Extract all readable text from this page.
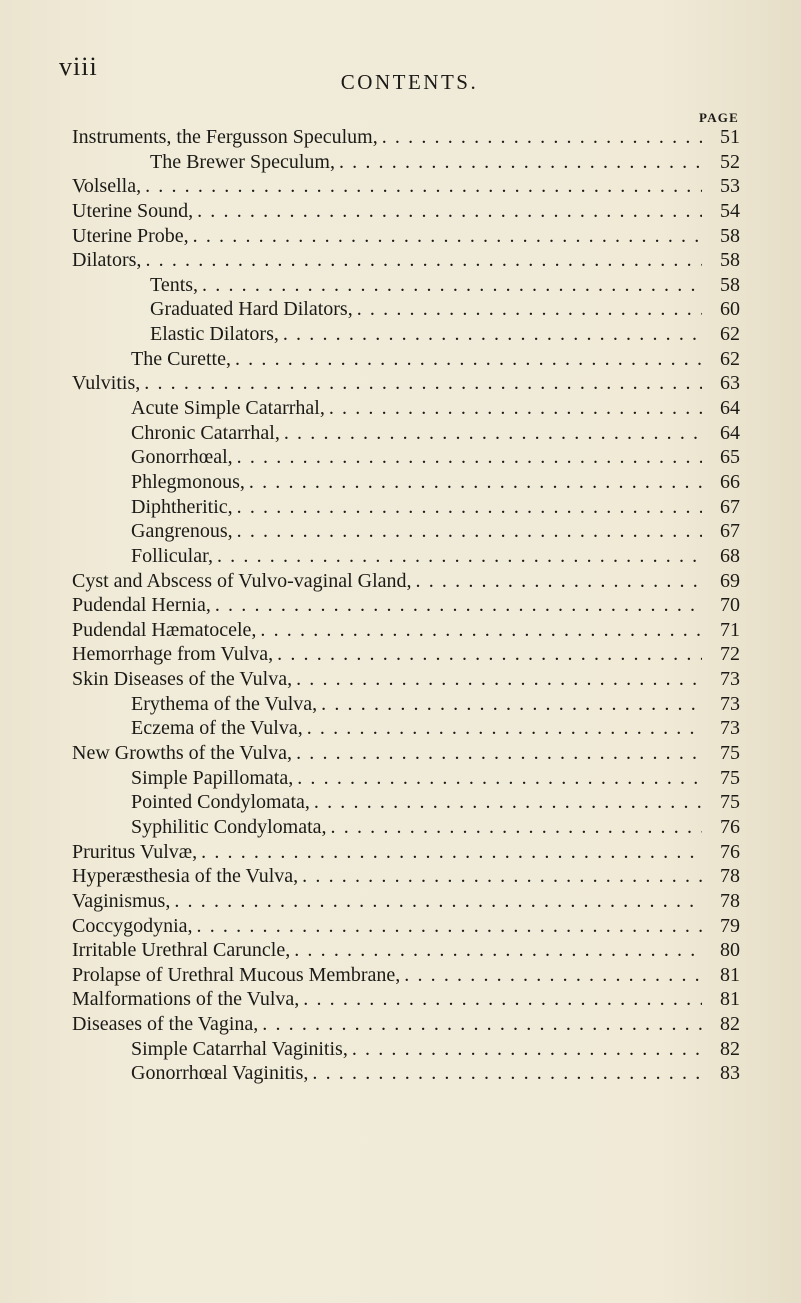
viii
CONTENTS.
PAGE
Instruments, the Fergusson Speculum, . . .	51
The Brewer Speculum, . . .	52
Volsella, . . .	53
Uterine Sound, . . .	54
Uterine Probe, . . .	58
Dilators, . . .	58
Tents, . . .	58
Graduated Hard Dilators, . . .	60
Elastic Dilators, . . .	62
The Curette, . . .	62
Vulvitis, . . .	63
Acute Simple Catarrhal, . . .	64
Chronic Catarrhal, . . .	64
Gonorrhœal, . . .	65
Phlegmonous, . . .	66
Diphtheritic, . . .	67
Gangrenous, . . .	67
Follicular, . . .	68
Cyst and Abscess of Vulvo-vaginal Gland, . . .	69
Pudendal Hernia, . . .	70
Pudendal Hæmatocele, . . .	71
Hemorrhage from Vulva, . . .	72
Skin Diseases of the Vulva, . . .	73
Erythema of the Vulva, . . .	73
Eczema of the Vulva, . . .	73
New Growths of the Vulva, . . .	75
Simple Papillomata, . . .	75
Pointed Condylomata, . . .	75
Syphilitic Condylomata, . . .	76
Pruritus Vulvæ, . . .	76
Hyperæsthesia of the Vulva, . . .	78
Vaginismus, . . .	78
Coccygodynia, . . .	79
Irritable Urethral Caruncle, . . .	80
Prolapse of Urethral Mucous Membrane, . . .	81
Malformations of the Vulva, . . .	81
Diseases of the Vagina, . . .	82
Simple Catarrhal Vaginitis, . . .	82
Gonorrhœal Vaginitis, . . .	83
